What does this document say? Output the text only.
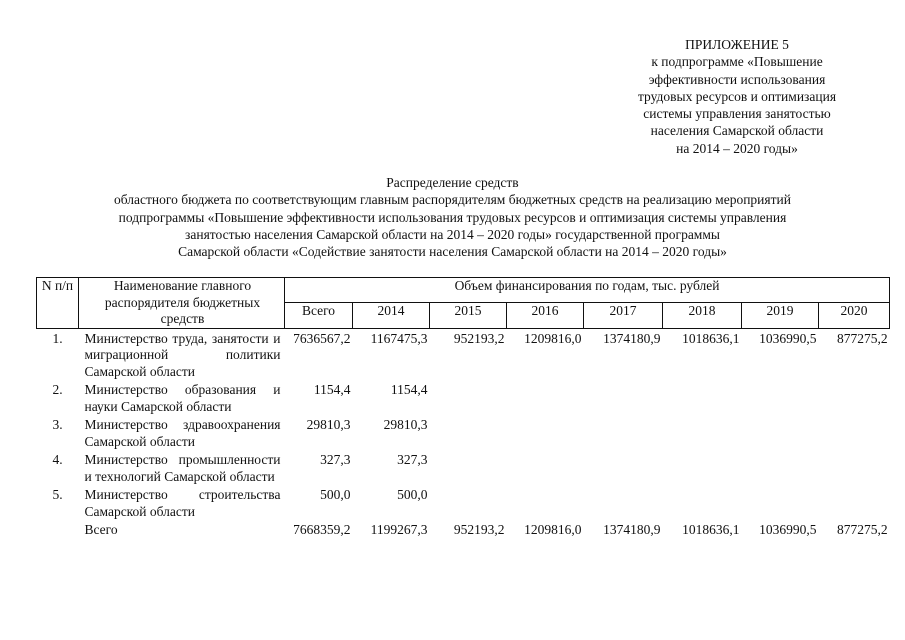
ПРИЛОЖЕНИЕ 5
к подпрограмме «Повышение
эффективности использования
трудовых ресурсов и оптимизация
системы управления занятостью
населения Самарской области
на 2014 – 2020 годы»
Распределение средств
областного бюджета по соответствующим главным распорядителям бюджетных средств на реализацию мероприятий
подпрограммы «Повышение эффективности использования трудовых ресурсов и оптимизация системы управления
занятостью населения Самарской области на 2014 – 2020 годы» государственной программы
Самарской области «Содействие занятости населения Самарской области на 2014 – 2020 годы»
N п/п	Наименование главного распорядителя бюджетных средств	Объем финансирования по годам, тыс. рублей							
		Всего	2014	2015	2016	2017	2018	2019	2020
1.	Министерство труда, занятости и миграционной политики Самарской области	7636567,2	1167475,3	952193,2	1209816,0	1374180,9	1018636,1	1036990,5	877275,2
2.	Министерство образования и науки Самарской области	1154,4	1154,4						
3.	Министерство здравоохранения Самарской области	29810,3	29810,3						
4.	Министерство промышленности и технологий Самарской области	327,3	327,3						
5.	Министерство строительства Самарской области	500,0	500,0						
	Всего	7668359,2	1199267,3	952193,2	1209816,0	1374180,9	1018636,1	1036990,5	877275,2
